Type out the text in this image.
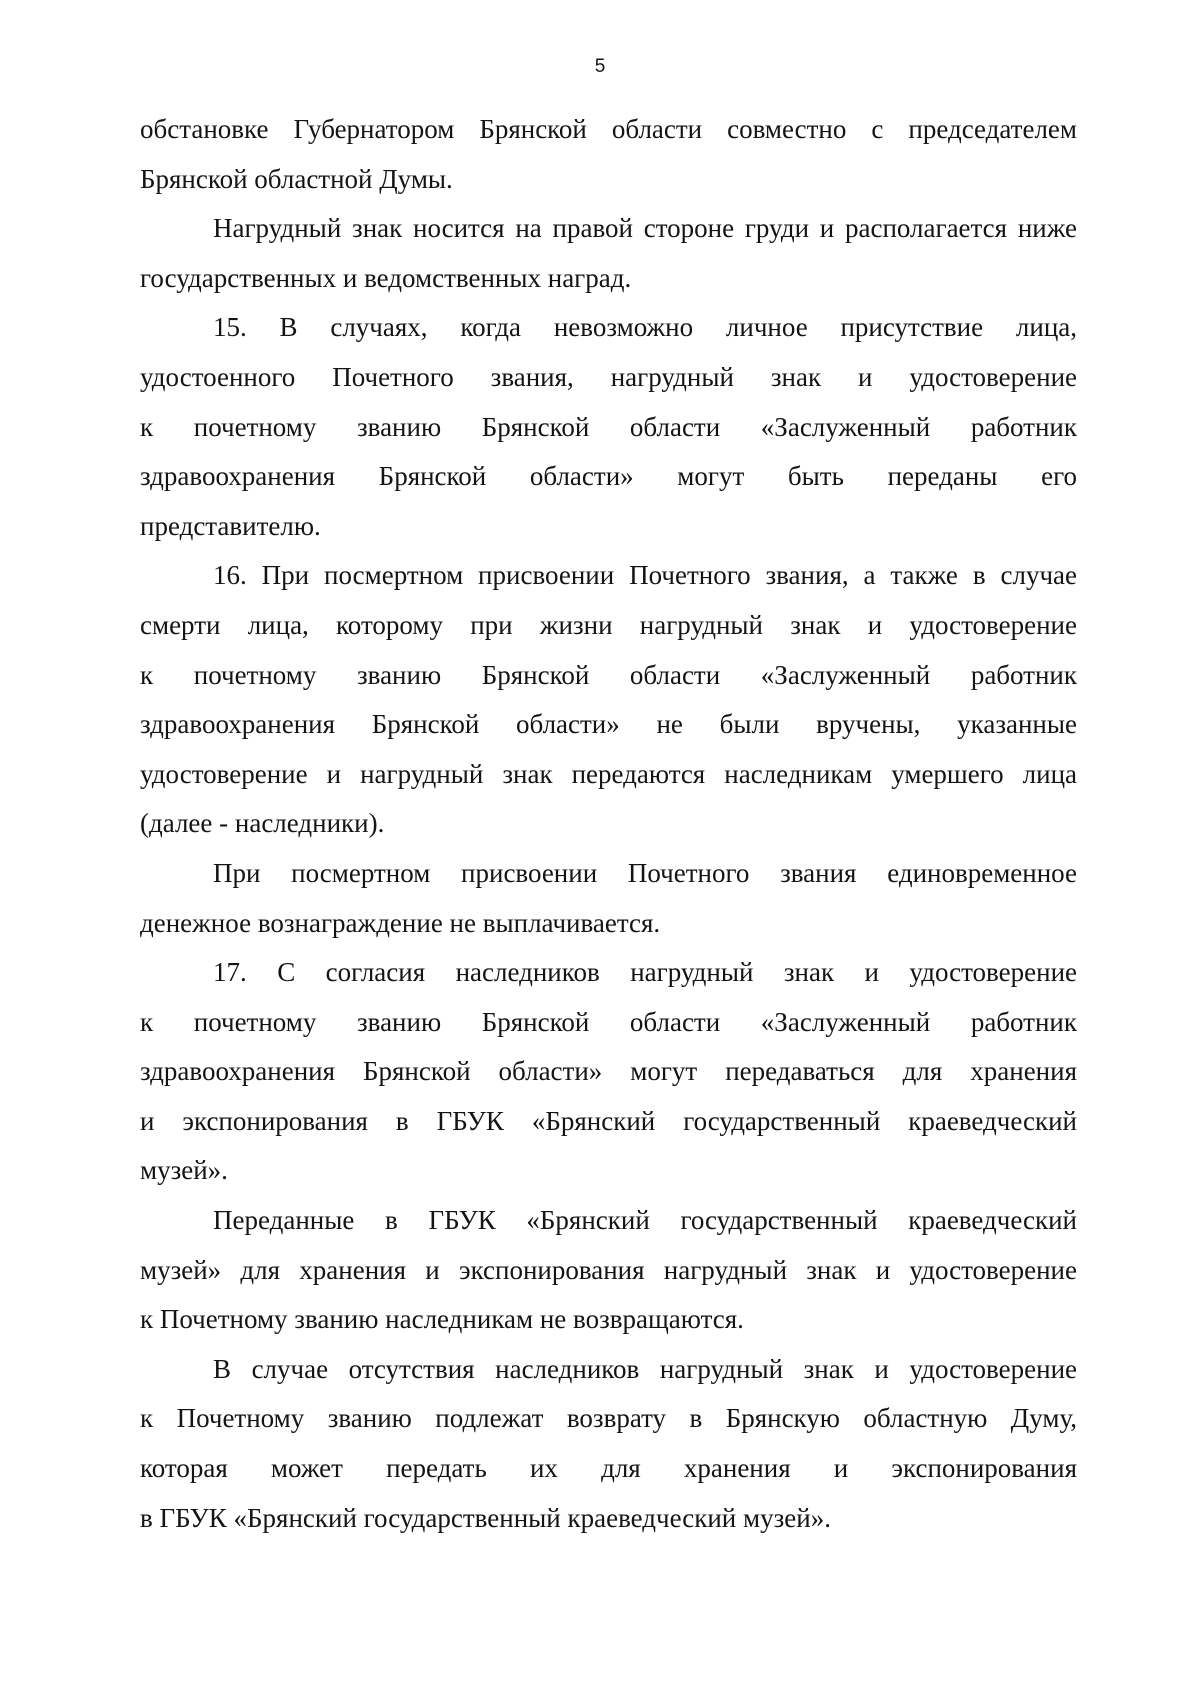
5
обстановке Губернатором Брянской области совместно с председателем
Брянской областной Думы.
Нагрудный знак носится на правой стороне груди и располагается ниже
государственных и ведомственных наград.
15. В случаях, когда невозможно личное присутствие лица,
удостоенного Почетного звания, нагрудный знак и удостоверение
к почетному званию Брянской области «Заслуженный работник
здравоохранения Брянской области» могут быть переданы его
представителю.
16. При посмертном присвоении Почетного звания, а также в случае
смерти лица, которому при жизни нагрудный знак и удостоверение
к почетному званию Брянской области «Заслуженный работник
здравоохранения Брянской области» не были вручены, указанные
удостоверение и нагрудный знак передаются наследникам умершего лица
(далее - наследники).
При посмертном присвоении Почетного звания единовременное
денежное вознаграждение не выплачивается.
17. С согласия наследников нагрудный знак и удостоверение
к почетному званию Брянской области «Заслуженный работник
здравоохранения Брянской области» могут передаваться для хранения
и экспонирования в ГБУК «Брянский государственный краеведческий
музей».
Переданные в ГБУК «Брянский государственный краеведческий
музей» для хранения и экспонирования нагрудный знак и удостоверение
к Почетному званию наследникам не возвращаются.
В случае отсутствия наследников нагрудный знак и удостоверение
к Почетному званию подлежат возврату в Брянскую областную Думу,
которая может передать их для хранения и экспонирования
в ГБУК «Брянский государственный краеведческий музей».
